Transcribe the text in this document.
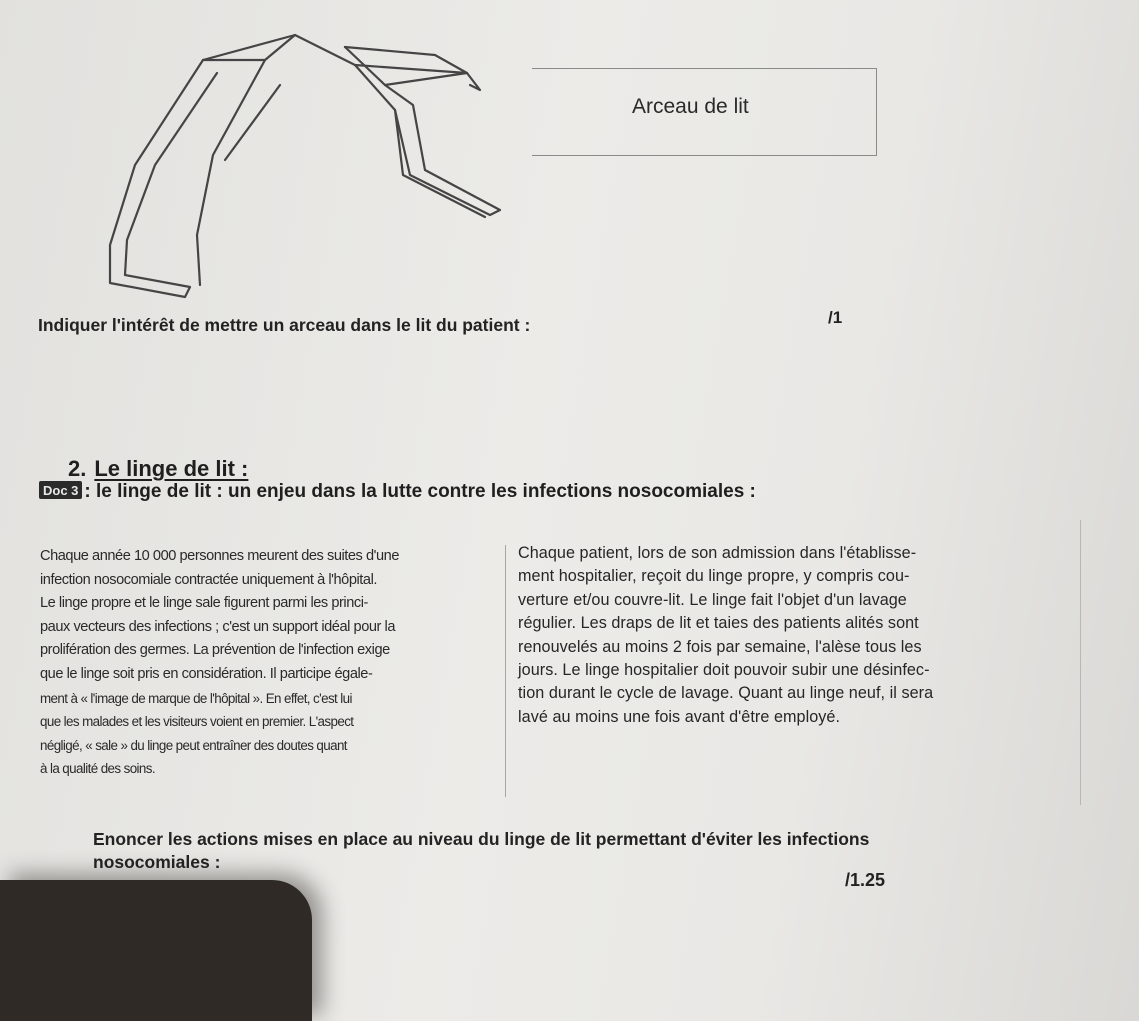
Arceau de lit
Indiquer l'intérêt de mettre un arceau dans le lit du patient :	/1
2. Le linge de lit :
Doc 3 : le linge de lit : un enjeu dans la lutte contre les infections nosocomiales :
Chaque année 10 000 personnes meurent des suites d'une
infection nosocomiale contractée uniquement à l'hôpital.
Le linge propre et le linge sale figurent parmi les princi-
paux vecteurs des infections ; c'est un support idéal pour la
prolifération des germes. La prévention de l'infection exige
que le linge soit pris en considération. Il participe égale-
ment à « l'image de marque de l'hôpital ». En effet, c'est lui
que les malades et les visiteurs voient en premier. L'aspect
négligé, « sale » du linge peut entraîner des doutes quant
à la qualité des soins.
Chaque patient, lors de son admission dans l'établisse-
ment hospitalier, reçoit du linge propre, y compris cou-
verture et/ou couvre-lit. Le linge fait l'objet d'un lavage
régulier. Les draps de lit et taies des patients alités sont
renouvelés au moins 2 fois par semaine, l'alèse tous les
jours. Le linge hospitalier doit pouvoir subir une désinfec-
tion durant le cycle de lavage. Quant au linge neuf, il sera
lavé au moins une fois avant d'être employé.
Enoncer les actions mises en place au niveau du linge de lit permettant d'éviter les infections nosocomiales :
/1.25
